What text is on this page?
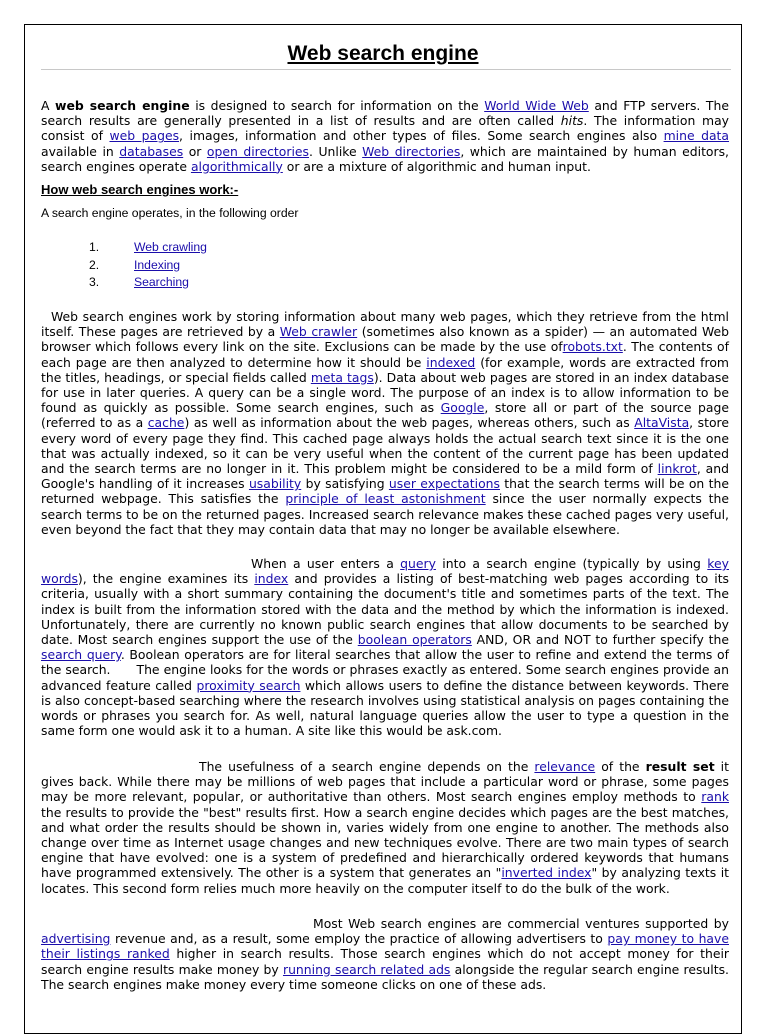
Web search engine
A web search engine is designed to search for information on the World Wide Web and FTP servers. The search results are generally presented in a list of results and are often called hits. The information may consist of web pages, images, information and other types of files. Some search engines also mine data available in databases or open directories. Unlike Web directories, which are maintained by human editors, search engines operate algorithmically or are a mixture of algorithmic and human input.
How web search engines work:-
A search engine operates, in the following order
1.	Web crawling
2.	Indexing
3.	Searching
Web search engines work by storing information about many web pages, which they retrieve from the html itself. These pages are retrieved by a Web crawler (sometimes also known as a spider) — an automated Web browser which follows every link on the site. Exclusions can be made by the use ofrobots.txt. The contents of each page are then analyzed to determine how it should be indexed (for example, words are extracted from the titles, headings, or special fields called meta tags). Data about web pages are stored in an index database for use in later queries. A query can be a single word. The purpose of an index is to allow information to be found as quickly as possible. Some search engines, such as Google, store all or part of the source page (referred to as a cache) as well as information about the web pages, whereas others, such as AltaVista, store every word of every page they find. This cached page always holds the actual search text since it is the one that was actually indexed, so it can be very useful when the content of the current page has been updated and the search terms are no longer in it. This problem might be considered to be a mild form of linkrot, and Google's handling of it increases usability by satisfying user expectations that the search terms will be on the returned webpage. This satisfies the principle of least astonishment since the user normally expects the search terms to be on the returned pages. Increased search relevance makes these cached pages very useful, even beyond the fact that they may contain data that may no longer be available elsewhere.
When a user enters a query into a search engine (typically by using key words), the engine examines its index and provides a listing of best-matching web pages according to its criteria, usually with a short summary containing the document's title and sometimes parts of the text. The index is built from the information stored with the data and the method by which the information is indexed. Unfortunately, there are currently no known public search engines that allow documents to be searched by date. Most search engines support the use of the boolean operators AND, OR and NOT to further specify the search query. Boolean operators are for literal searches that allow the user to refine and extend the terms of the search. The engine looks for the words or phrases exactly as entered. Some search engines provide an advanced feature called proximity search which allows users to define the distance between keywords. There is also concept-based searching where the research involves using statistical analysis on pages containing the words or phrases you search for. As well, natural language queries allow the user to type a question in the same form one would ask it to a human. A site like this would be ask.com.
The usefulness of a search engine depends on the relevance of the result set it gives back. While there may be millions of web pages that include a particular word or phrase, some pages may be more relevant, popular, or authoritative than others. Most search engines employ methods to rank the results to provide the "best" results first. How a search engine decides which pages are the best matches, and what order the results should be shown in, varies widely from one engine to another. The methods also change over time as Internet usage changes and new techniques evolve. There are two main types of search engine that have evolved: one is a system of predefined and hierarchically ordered keywords that humans have programmed extensively. The other is a system that generates an "inverted index" by analyzing texts it locates. This second form relies much more heavily on the computer itself to do the bulk of the work.
Most Web search engines are commercial ventures supported by advertising revenue and, as a result, some employ the practice of allowing advertisers to pay money to have their listings ranked higher in search results. Those search engines which do not accept money for their search engine results make money by running search related ads alongside the regular search engine results. The search engines make money every time someone clicks on one of these ads.
